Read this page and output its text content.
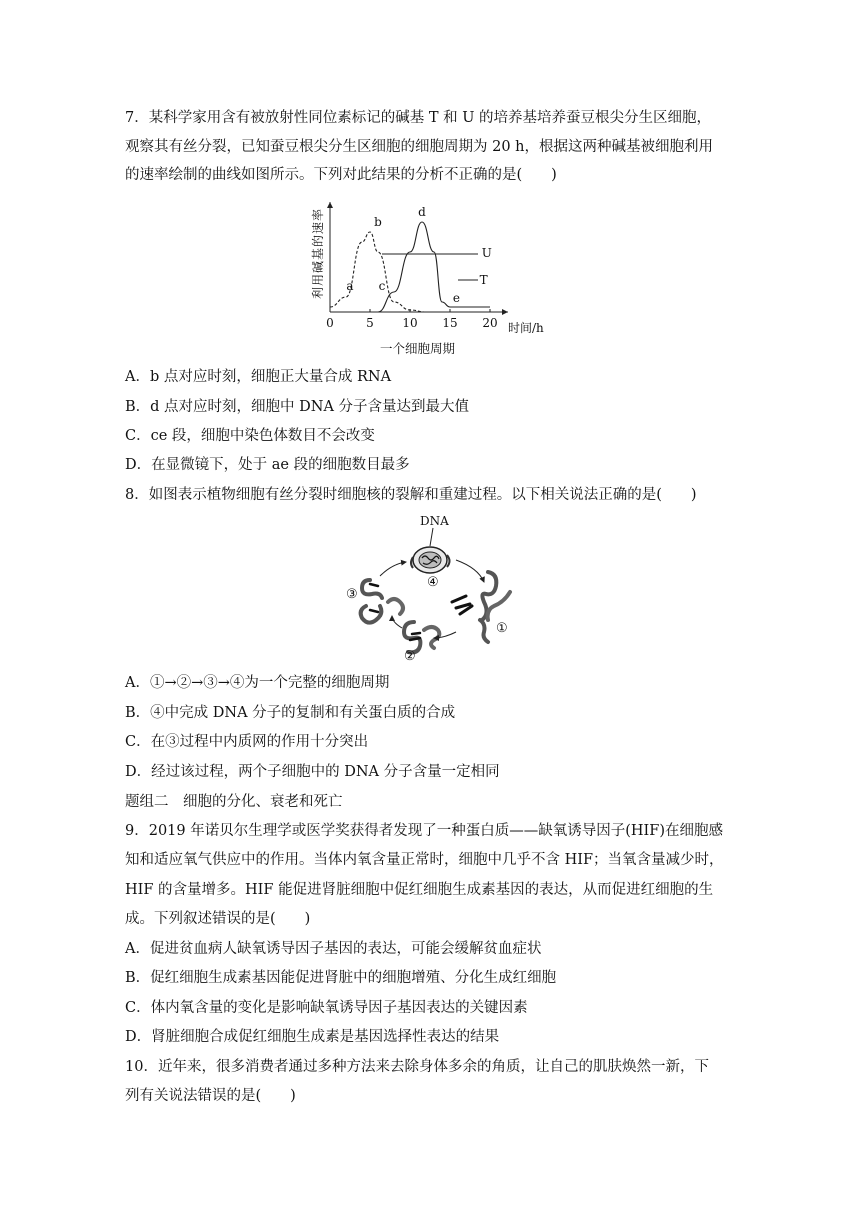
7．某科学家用含有被放射性同位素标记的碱基 T 和 U 的培养基培养蚕豆根尖分生区细胞，
观察其有丝分裂，已知蚕豆根尖分生区细胞的细胞周期为 20 h，根据这两种碱基被细胞利用
的速率绘制的曲线如图所示。下列对此结果的分析不正确的是(　　)
0	5 10 15 20
a
b
c
d
e
U
T
利用碱基的速率
时间/h
一个细胞周期
A．b 点对应时刻，细胞正大量合成 RNA
B．d 点对应时刻，细胞中 DNA 分子含量达到最大值
C．ce 段，细胞中染色体数目不会改变
D．在显微镜下，处于 ae 段的细胞数目最多
8．如图表示植物细胞有丝分裂时细胞核的裂解和重建过程。以下相关说法正确的是(　　)
DNA
④
①
②
③
A．①→②→③→④为一个完整的细胞周期
B．④中完成 DNA 分子的复制和有关蛋白质的合成
C．在③过程中内质网的作用十分突出
D．经过该过程，两个子细胞中的 DNA 分子含量一定相同
题组二　细胞的分化、衰老和死亡
9．2019 年诺贝尔生理学或医学奖获得者发现了一种蛋白质——缺氧诱导因子(HIF)在细胞感
知和适应氧气供应中的作用。当体内氧含量正常时，细胞中几乎不含 HIF；当氧含量减少时，
HIF 的含量增多。HIF 能促进肾脏细胞中促红细胞生成素基因的表达，从而促进红细胞的生
成。下列叙述错误的是(　　)
A．促进贫血病人缺氧诱导因子基因的表达，可能会缓解贫血症状
B．促红细胞生成素基因能促进肾脏中的细胞增殖、分化生成红细胞
C．体内氧含量的变化是影响缺氧诱导因子基因表达的关键因素
D．肾脏细胞合成促红细胞生成素是基因选择性表达的结果
10．近年来，很多消费者通过多种方法来去除身体多余的角质，让自己的肌肤焕然一新，下
列有关说法错误的是(　　)
